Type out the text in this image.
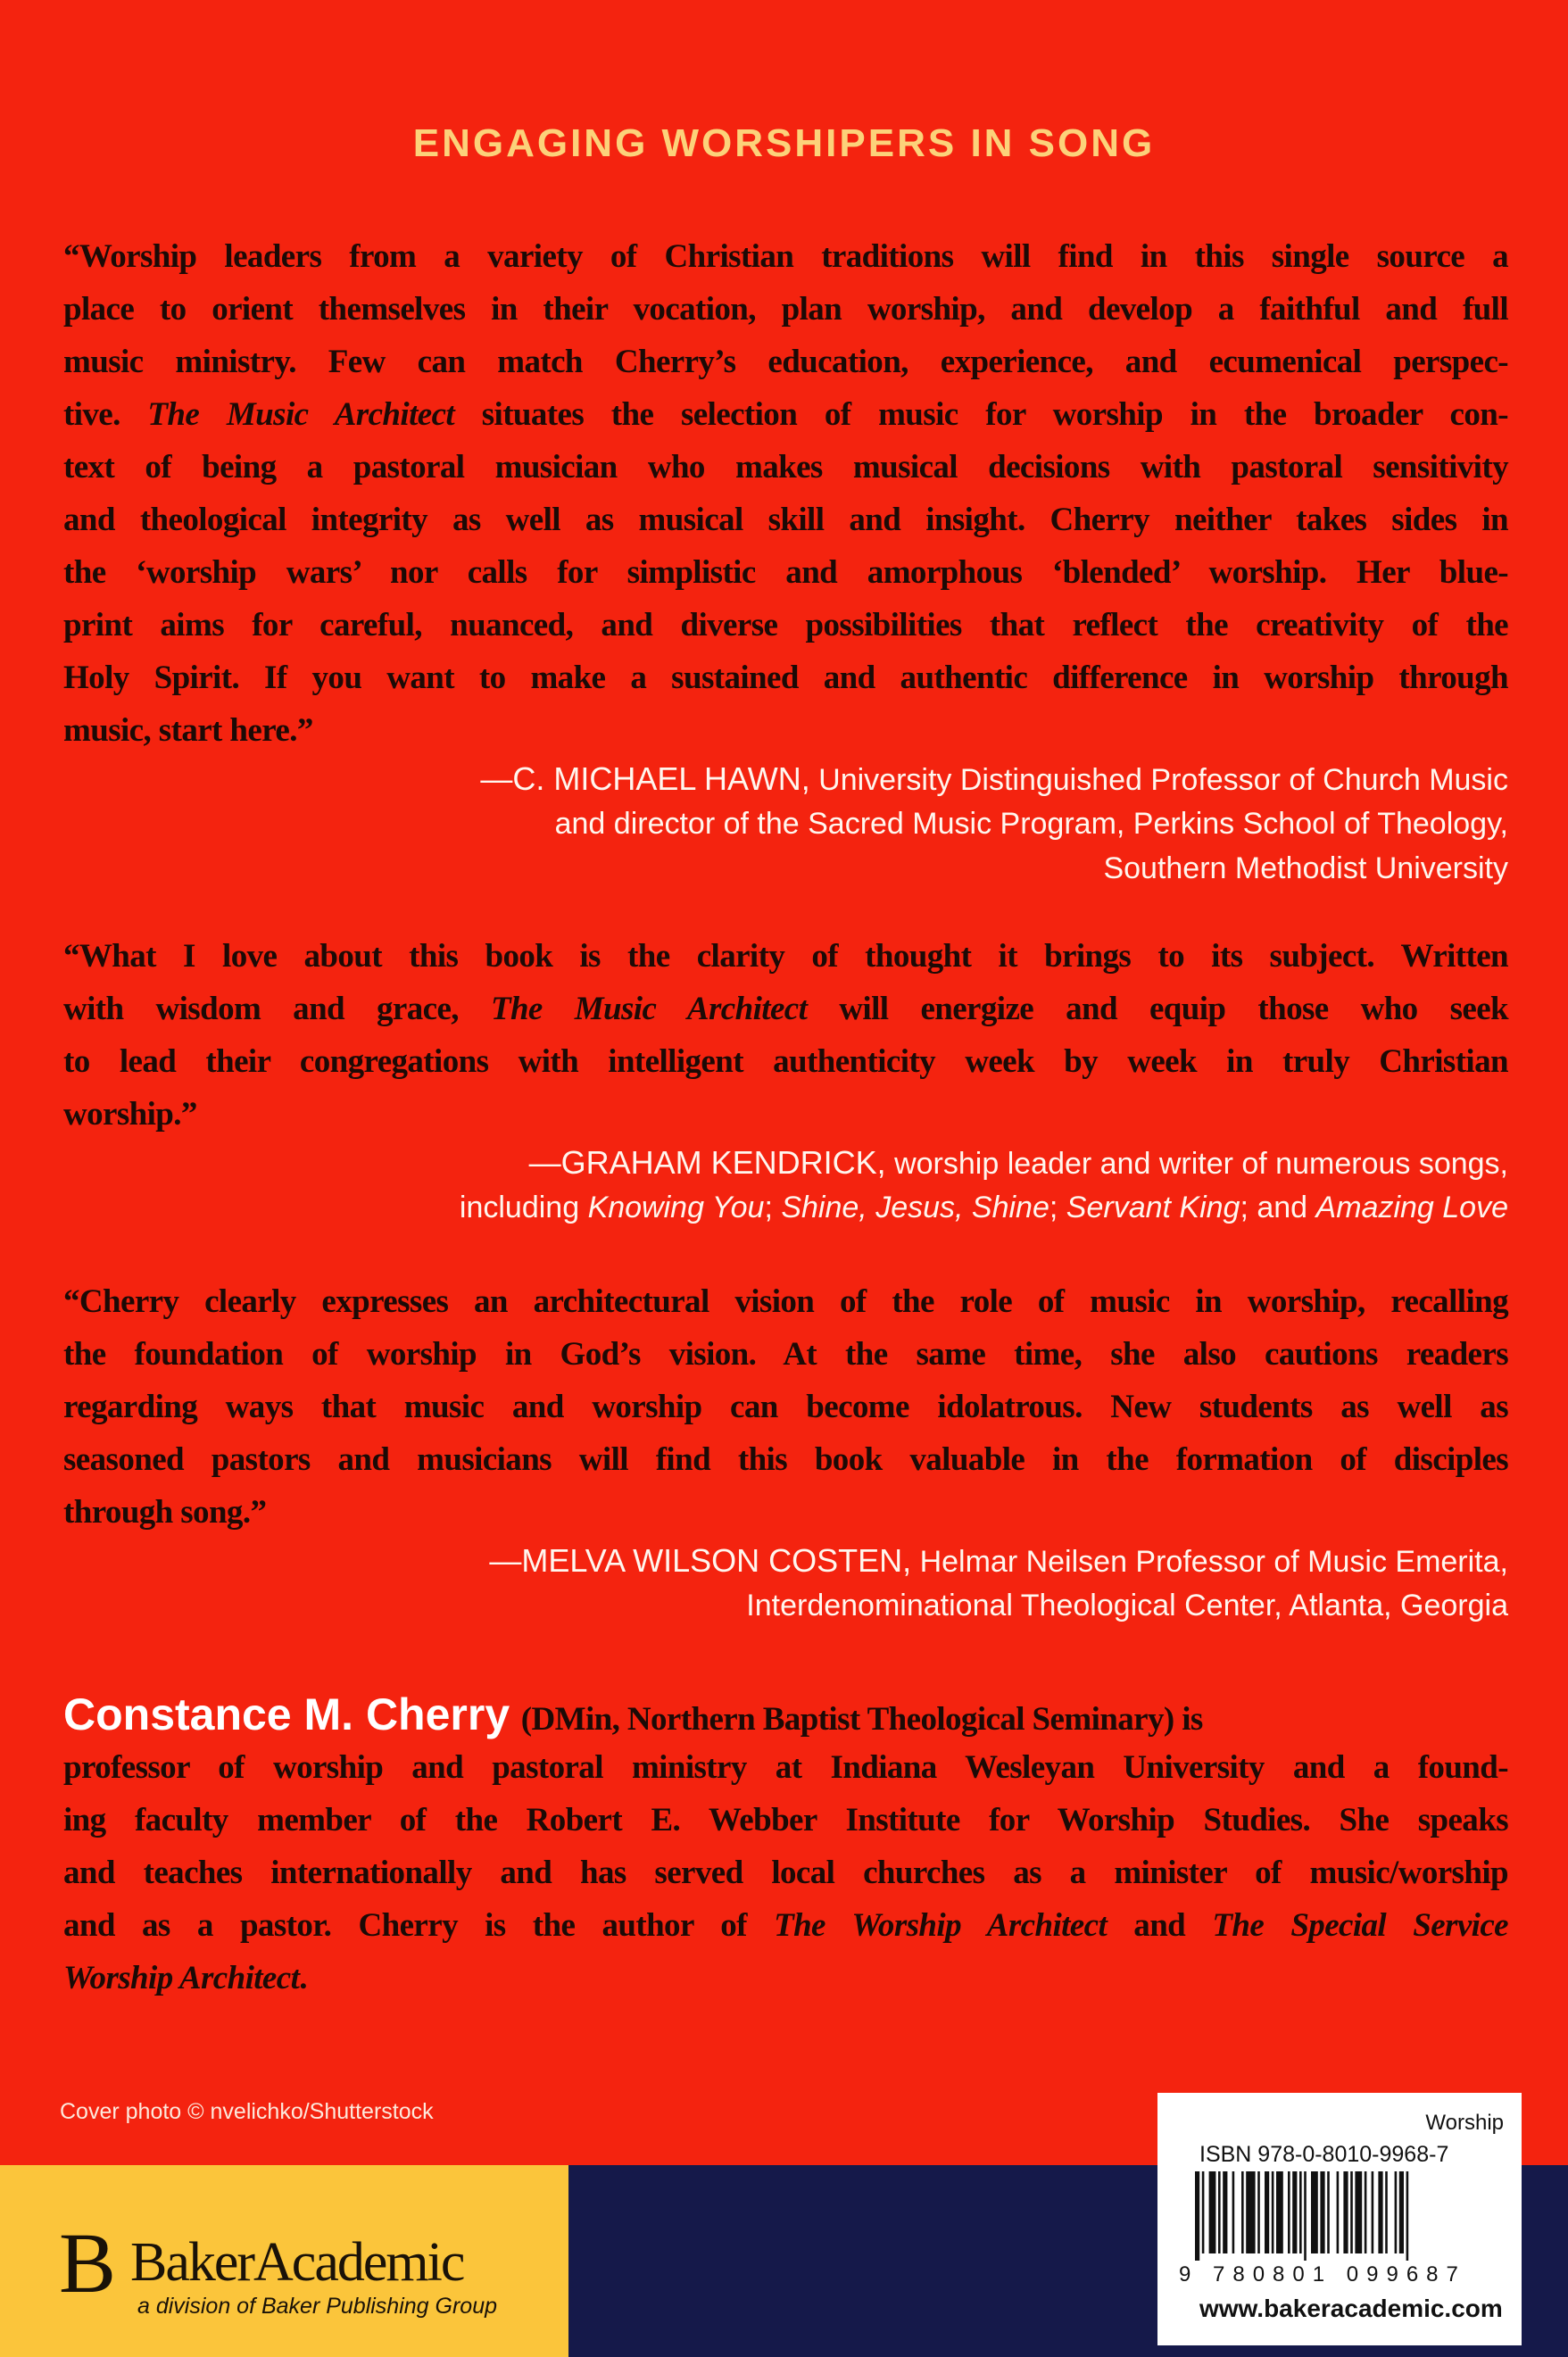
ENGAGING WORSHIPERS IN SONG
“Worship leaders from a variety of Christian traditions will find in this single source a
place to orient themselves in their vocation, plan worship, and develop a faithful and full
music ministry. Few can match Cherry’s education, experience, and ecumenical perspec-
tive. The Music Architect situates the selection of music for worship in the broader con-
text of being a pastoral musician who makes musical decisions with pastoral sensitivity
and theological integrity as well as musical skill and insight. Cherry neither takes sides in
the ‘worship wars’ nor calls for simplistic and amorphous ‘blended’ worship. Her blue-
print aims for careful, nuanced, and diverse possibilities that reflect the creativity of the
Holy Spirit. If you want to make a sustained and authentic difference in worship through
music, start here.”
—C. MICHAEL HAWN, University Distinguished Professor of Church Music
and director of the Sacred Music Program, Perkins School of Theology,
Southern Methodist University
“What I love about this book is the clarity of thought it brings to its subject. Written
with wisdom and grace, The Music Architect will energize and equip those who seek
to lead their congregations with intelligent authenticity week by week in truly Christian
worship.”
—GRAHAM KENDRICK, worship leader and writer of numerous songs,
including Knowing You; Shine, Jesus, Shine; Servant King; and Amazing Love
“Cherry clearly expresses an architectural vision of the role of music in worship, recalling
the foundation of worship in God’s vision. At the same time, she also cautions readers
regarding ways that music and worship can become idolatrous. New students as well as
seasoned pastors and musicians will find this book valuable in the formation of disciples
through song.”
—MELVA WILSON COSTEN, Helmar Neilsen Professor of Music Emerita,
Interdenominational Theological Center, Atlanta, Georgia
Constance M. Cherry (DMin, Northern Baptist Theological Seminary) is
professor of worship and pastoral ministry at Indiana Wesleyan University and a found-
ing faculty member of the Robert E. Webber Institute for Worship Studies. She speaks
and teaches internationally and has served local churches as a minister of music/worship
and as a pastor. Cherry is the author of The Worship Architect and The Special Service
Worship Architect.
Cover photo © nvelichko/Shutterstock
B BakerAcademic
a division of Baker Publishing Group
Worship
ISBN 978-0-8010-9968-7
9 780801 099687
www.bakeracademic.com
